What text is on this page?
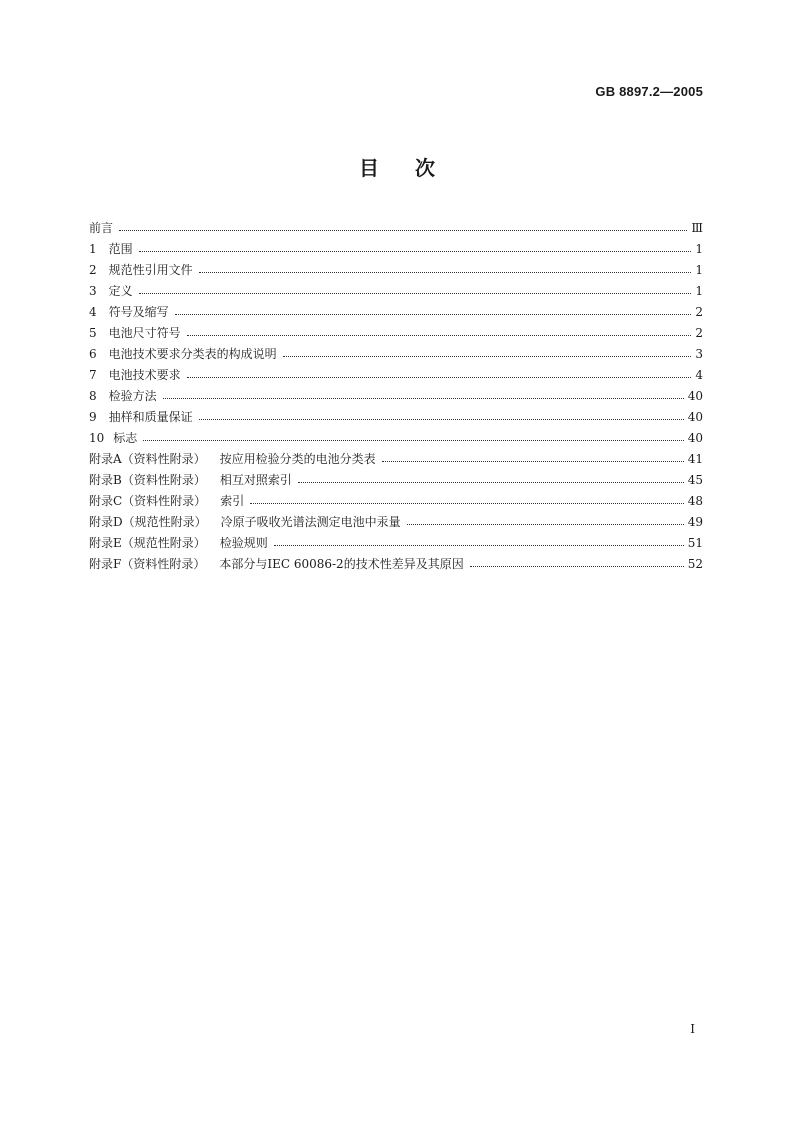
GB 8897.2—2005
目次
前言	Ⅲ
1 范围	1
2 规范性引用文件	1
3 定义	1
4 符号及缩写	2
5 电池尺寸符号	2
6 电池技术要求分类表的构成说明	3
7 电池技术要求	4
8 检验方法	40
9 抽样和质量保证	40
10 标志	40
附录A（资料性附录） 按应用检验分类的电池分类表	41
附录B（资料性附录） 相互对照索引	45
附录C（资料性附录） 索引	48
附录D（规范性附录） 冷原子吸收光谱法测定电池中汞量	49
附录E（规范性附录） 检验规则	51
附录F（资料性附录） 本部分与IEC 60086-2的技术性差异及其原因	52
I
